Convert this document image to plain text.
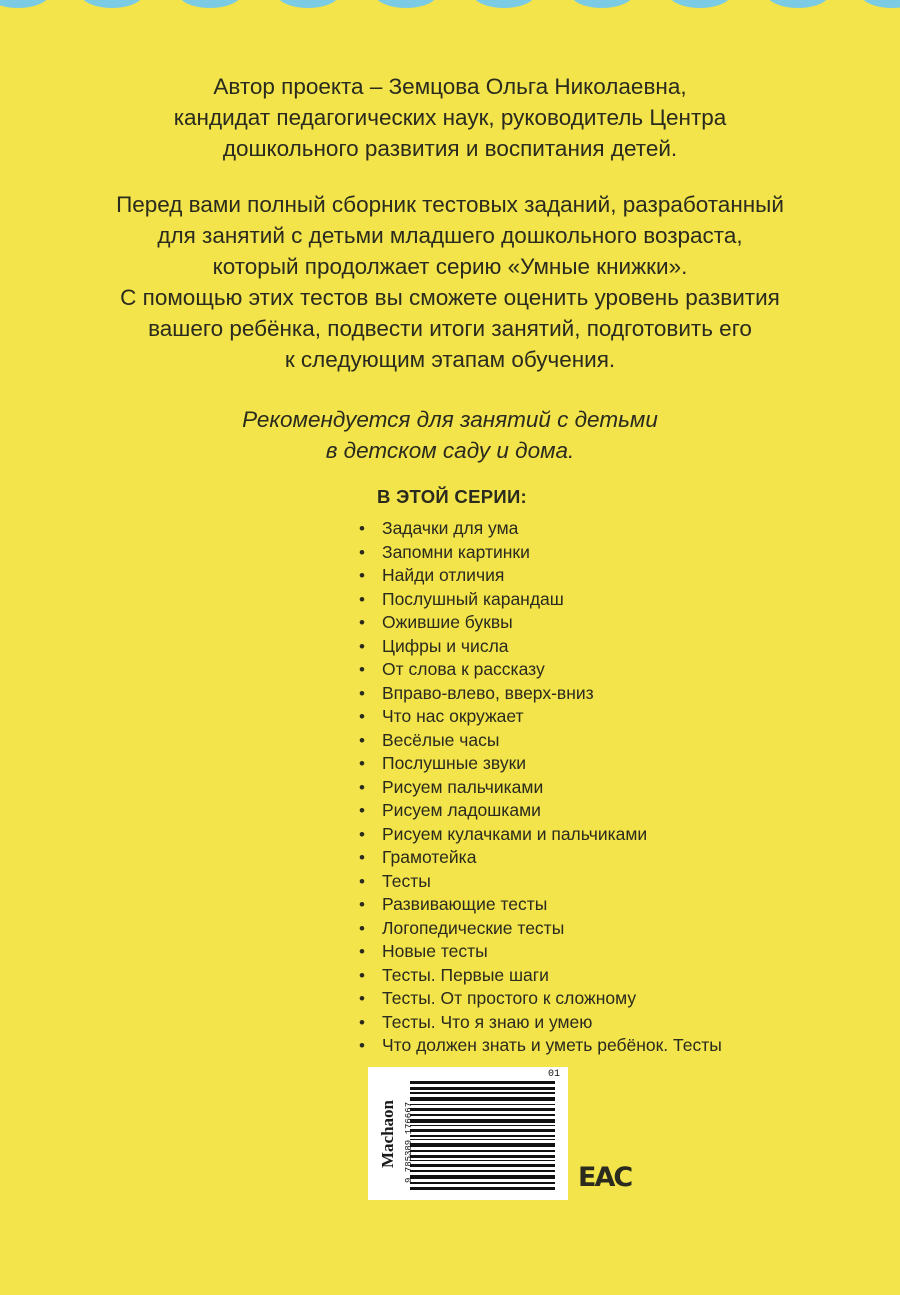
Автор проекта – Земцова Ольга Николаевна,

кандидат педагогических наук, руководитель Центра

дошкольного развития и воспитания детей.

Перед вами полный сборник тестовых заданий, разработанный

для занятий с детьми младшего дошкольного возраста,

который продолжает серию «Умные книжки».

С помощью этих тестов вы сможете оценить уровень развития

вашего ребёнка, подвести итоги занятий, подготовить его

к следующим этапам обучения.

Рекомендуется для занятий с детьми

в детском саду и дома.

В ЭТОЙ СЕРИИ:
• Задачки для ума
• Запомни картинки
• Найди отличия
• Послушный карандаш
• Ожившие буквы
• Цифры и числа
• От слова к рассказу
• Вправо-влево, вверх-вниз
• Что нас окружает
• Весёлые часы
• Послушные звуки
• Рисуем пальчиками
• Рисуем ладошками
• Рисуем кулачками и пальчиками
• Грамотейка
• Тесты
• Развивающие тесты
• Логопедические тесты
• Новые тесты
• Тесты. Первые шаги
• Тесты. От простого к сложному
• Тесты. Что я знаю и умею
• Что должен знать и уметь ребёнок. Тесты
Machaon
01
9 785389 176667	ЕАС
